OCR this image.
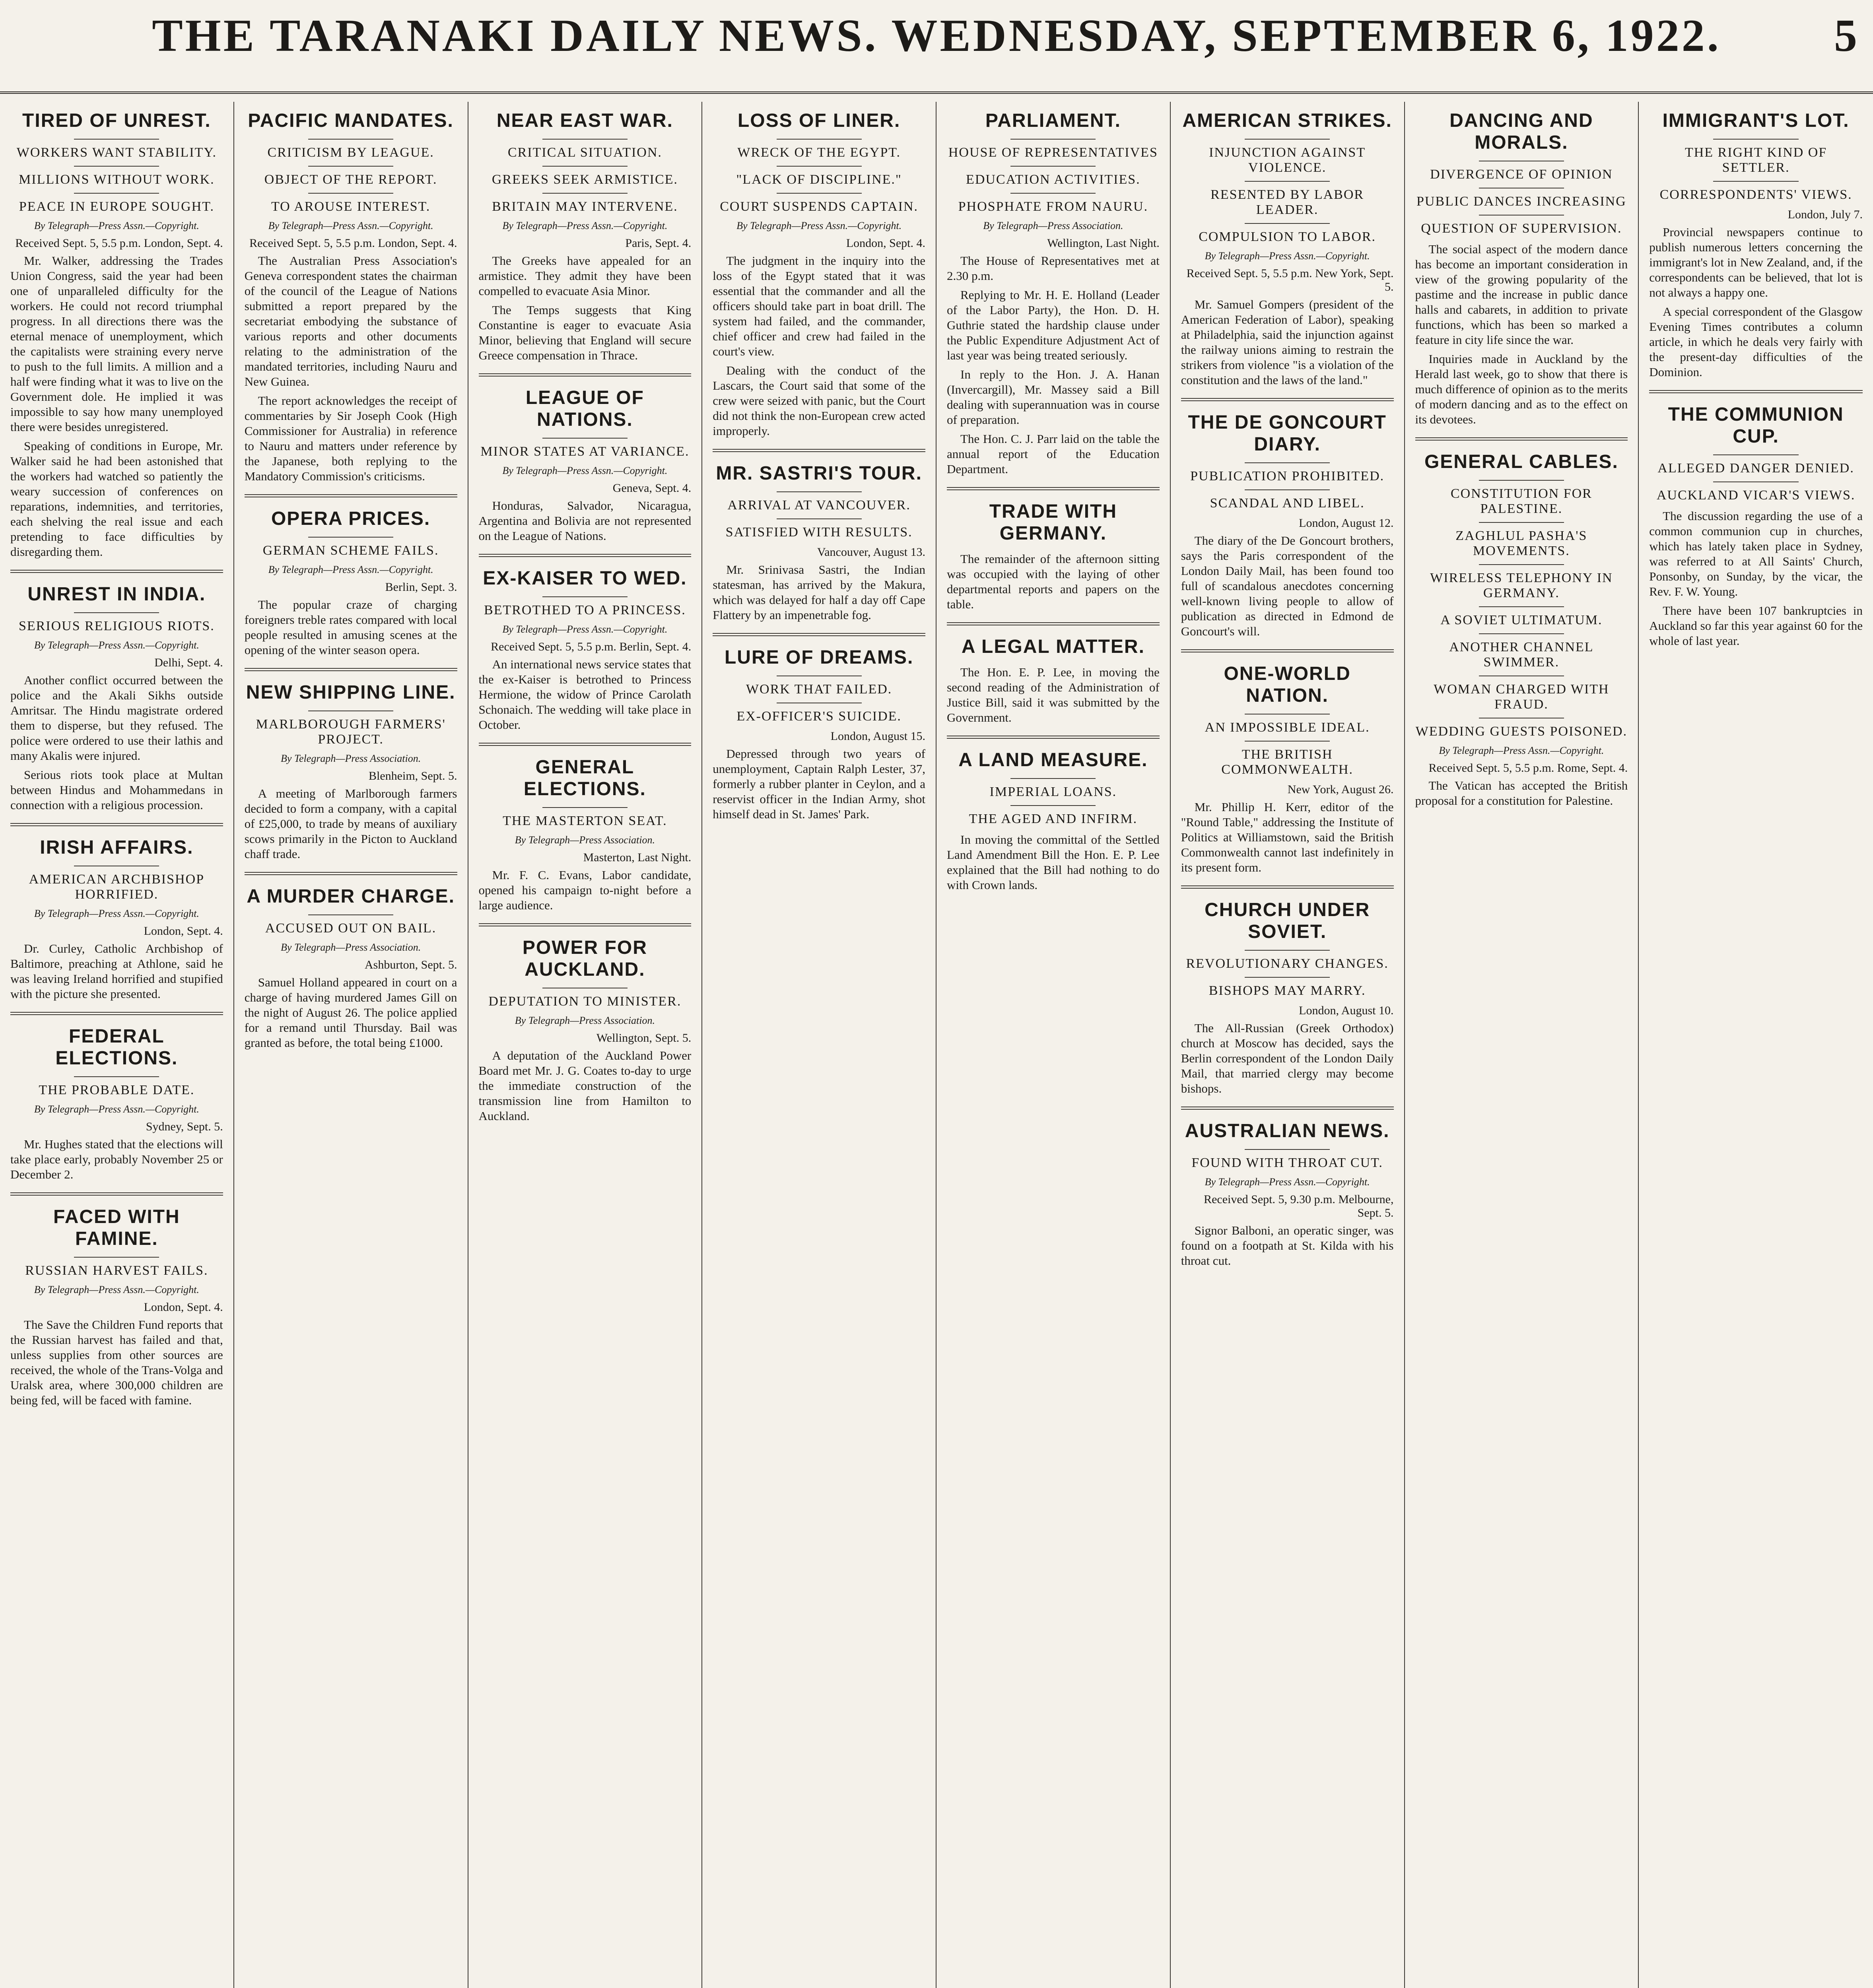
THE TARANAKI DAILY NEWS. WEDNESDAY, SEPTEMBER 6, 1922.	5
TIRED OF UNREST.
WORKERS WANT STABILITY.
MILLIONS WITHOUT WORK.
PEACE IN EUROPE SOUGHT.
By Telegraph—Press Assn.—Copyright.
Received Sept. 5, 5.5 p.m. London, Sept. 4.
Mr. Walker, addressing the Trades Union Congress, said the year had been one of unparalleled difficulty for the workers. He could not record triumphal progress. In all directions there was the eternal menace of unemployment, which the capitalists were straining every nerve to push to the full limits. A million and a half were finding what it was to live on the Government dole. He implied it was impossible to say how many unemployed there were besides unregistered.
Speaking of conditions in Europe, Mr. Walker said he had been astonished that the workers had watched so patiently the weary succession of conferences on reparations, indemnities, and territories, each shelving the real issue and each pretending to face difficulties by disregarding them.
UNREST IN INDIA.
SERIOUS RELIGIOUS RIOTS.
By Telegraph—Press Assn.—Copyright.
Delhi, Sept. 4.
Another conflict occurred between the police and the Akali Sikhs outside Amritsar. The Hindu magistrate ordered them to disperse, but they refused. The police were ordered to use their lathis and many Akalis were injured.
Serious riots took place at Multan between Hindus and Mohammedans in connection with a religious procession.
IRISH AFFAIRS.
AMERICAN ARCHBISHOP HORRIFIED.
By Telegraph—Press Assn.—Copyright.
London, Sept. 4.
Dr. Curley, Catholic Archbishop of Baltimore, preaching at Athlone, said he was leaving Ireland horrified and stupified with the picture she presented.
FEDERAL ELECTIONS.
THE PROBABLE DATE.
By Telegraph—Press Assn.—Copyright.
Sydney, Sept. 5.
Mr. Hughes stated that the elections will take place early, probably November 25 or December 2.
FACED WITH FAMINE.
RUSSIAN HARVEST FAILS.
By Telegraph—Press Assn.—Copyright.
London, Sept. 4.
The Save the Children Fund reports that the Russian harvest has failed and that, unless supplies from other sources are received, the whole of the Trans-Volga and Uralsk area, where 300,000 children are being fed, will be faced with famine.
PACIFIC MANDATES.
CRITICISM BY LEAGUE.
OBJECT OF THE REPORT.
TO AROUSE INTEREST.
By Telegraph—Press Assn.—Copyright.
Received Sept. 5, 5.5 p.m. London, Sept. 4.
The Australian Press Association's Geneva correspondent states the chairman of the council of the League of Nations submitted a report prepared by the secretariat embodying the substance of various reports and other documents relating to the administration of the mandated territories, including Nauru and New Guinea.
The report acknowledges the receipt of commentaries by Sir Joseph Cook (High Commissioner for Australia) in reference to Nauru and matters under reference by the Japanese, both replying to the Mandatory Commission's criticisms.
OPERA PRICES.
GERMAN SCHEME FAILS.
By Telegraph—Press Assn.—Copyright.
Berlin, Sept. 3.
The popular craze of charging foreigners treble rates compared with local people resulted in amusing scenes at the opening of the winter season opera.
NEW SHIPPING LINE.
MARLBOROUGH FARMERS' PROJECT.
By Telegraph—Press Association.
Blenheim, Sept. 5.
A meeting of Marlborough farmers decided to form a company, with a capital of £25,000, to trade by means of auxiliary scows primarily in the Picton to Auckland chaff trade.
A MURDER CHARGE.
ACCUSED OUT ON BAIL.
By Telegraph—Press Association.
Ashburton, Sept. 5.
Samuel Holland appeared in court on a charge of having murdered James Gill on the night of August 26. The police applied for a remand until Thursday. Bail was granted as before, the total being £1000.
NEAR EAST WAR.
CRITICAL SITUATION.
GREEKS SEEK ARMISTICE.
BRITAIN MAY INTERVENE.
By Telegraph—Press Assn.—Copyright.
Paris, Sept. 4.
The Greeks have appealed for an armistice. They admit they have been compelled to evacuate Asia Minor.
The Temps suggests that King Constantine is eager to evacuate Asia Minor, believing that England will secure Greece compensation in Thrace.
LEAGUE OF NATIONS.
MINOR STATES AT VARIANCE.
By Telegraph—Press Assn.—Copyright.
Geneva, Sept. 4.
Honduras, Salvador, Nicaragua, Argentina and Bolivia are not represented on the League of Nations.
EX-KAISER TO WED.
BETROTHED TO A PRINCESS.
By Telegraph—Press Assn.—Copyright.
Received Sept. 5, 5.5 p.m. Berlin, Sept. 4.
An international news service states that the ex-Kaiser is betrothed to Princess Hermione, the widow of Prince Carolath Schonaich. The wedding will take place in October.
GENERAL ELECTIONS.
THE MASTERTON SEAT.
By Telegraph—Press Association.
Masterton, Last Night.
Mr. F. C. Evans, Labor candidate, opened his campaign to-night before a large audience.
POWER FOR AUCKLAND.
DEPUTATION TO MINISTER.
By Telegraph—Press Association.
Wellington, Sept. 5.
A deputation of the Auckland Power Board met Mr. J. G. Coates to-day to urge the immediate construction of the transmission line from Hamilton to Auckland.
LOSS OF LINER.
WRECK OF THE EGYPT.
"LACK OF DISCIPLINE."
COURT SUSPENDS CAPTAIN.
By Telegraph—Press Assn.—Copyright.
London, Sept. 4.
The judgment in the inquiry into the loss of the Egypt stated that it was essential that the commander and all the officers should take part in boat drill. The system had failed, and the commander, chief officer and crew had failed in the court's view.
Dealing with the conduct of the Lascars, the Court said that some of the crew were seized with panic, but the Court did not think the non-European crew acted improperly.
MR. SASTRI'S TOUR.
ARRIVAL AT VANCOUVER.
SATISFIED WITH RESULTS.
Vancouver, August 13.
Mr. Srinivasa Sastri, the Indian statesman, has arrived by the Makura, which was delayed for half a day off Cape Flattery by an impenetrable fog.
LURE OF DREAMS.
WORK THAT FAILED.
EX-OFFICER'S SUICIDE.
London, August 15.
Depressed through two years of unemployment, Captain Ralph Lester, 37, formerly a rubber planter in Ceylon, and a reservist officer in the Indian Army, shot himself dead in St. James' Park.
PARLIAMENT.
HOUSE OF REPRESENTATIVES
EDUCATION ACTIVITIES.
PHOSPHATE FROM NAURU.
By Telegraph—Press Association.
Wellington, Last Night.
The House of Representatives met at 2.30 p.m.
Replying to Mr. H. E. Holland (Leader of the Labor Party), the Hon. D. H. Guthrie stated the hardship clause under the Public Expenditure Adjustment Act of last year was being treated seriously.
In reply to the Hon. J. A. Hanan (Invercargill), Mr. Massey said a Bill dealing with superannuation was in course of preparation.
The Hon. C. J. Parr laid on the table the annual report of the Education Department.
TRADE WITH GERMANY.
The remainder of the afternoon sitting was occupied with the laying of other departmental reports and papers on the table.
A LEGAL MATTER.
The Hon. E. P. Lee, in moving the second reading of the Administration of Justice Bill, said it was submitted by the Government.
A LAND MEASURE.
IMPERIAL LOANS.
THE AGED AND INFIRM.
In moving the committal of the Settled Land Amendment Bill the Hon. E. P. Lee explained that the Bill had nothing to do with Crown lands.
AMERICAN STRIKES.
INJUNCTION AGAINST VIOLENCE.
RESENTED BY LABOR LEADER.
COMPULSION TO LABOR.
By Telegraph—Press Assn.—Copyright.
Received Sept. 5, 5.5 p.m. New York, Sept. 5.
Mr. Samuel Gompers (president of the American Federation of Labor), speaking at Philadelphia, said the injunction against the railway unions aiming to restrain the strikers from violence "is a violation of the constitution and the laws of the land."
THE DE GONCOURT DIARY.
PUBLICATION PROHIBITED.
SCANDAL AND LIBEL.
London, August 12.
The diary of the De Goncourt brothers, says the Paris correspondent of the London Daily Mail, has been found too full of scandalous anecdotes concerning well-known living people to allow of publication as directed in Edmond de Goncourt's will.
ONE-WORLD NATION.
AN IMPOSSIBLE IDEAL.
THE BRITISH COMMONWEALTH.
New York, August 26.
Mr. Phillip H. Kerr, editor of the "Round Table," addressing the Institute of Politics at Williamstown, said the British Commonwealth cannot last indefinitely in its present form.
CHURCH UNDER SOVIET.
REVOLUTIONARY CHANGES.
BISHOPS MAY MARRY.
London, August 10.
The All-Russian (Greek Orthodox) church at Moscow has decided, says the Berlin correspondent of the London Daily Mail, that married clergy may become bishops.
AUSTRALIAN NEWS.
FOUND WITH THROAT CUT.
By Telegraph—Press Assn.—Copyright.
Received Sept. 5, 9.30 p.m. Melbourne, Sept. 5.
Signor Balboni, an operatic singer, was found on a footpath at St. Kilda with his throat cut.
DANCING AND MORALS.
DIVERGENCE OF OPINION
PUBLIC DANCES INCREASING
QUESTION OF SUPERVISION.
The social aspect of the modern dance has become an important consideration in view of the growing popularity of the pastime and the increase in public dance halls and cabarets, in addition to private functions, which has been so marked a feature in city life since the war.
Inquiries made in Auckland by the Herald last week, go to show that there is much difference of opinion as to the merits of modern dancing and as to the effect on its devotees.
GENERAL CABLES.
CONSTITUTION FOR PALESTINE.
ZAGHLUL PASHA'S MOVEMENTS.
WIRELESS TELEPHONY IN GERMANY.
A SOVIET ULTIMATUM.
ANOTHER CHANNEL SWIMMER.
WOMAN CHARGED WITH FRAUD.
WEDDING GUESTS POISONED.
By Telegraph—Press Assn.—Copyright.
Received Sept. 5, 5.5 p.m. Rome, Sept. 4.
The Vatican has accepted the British proposal for a constitution for Palestine.
IMMIGRANT'S LOT.
THE RIGHT KIND OF SETTLER.
CORRESPONDENTS' VIEWS.
London, July 7.
Provincial newspapers continue to publish numerous letters concerning the immigrant's lot in New Zealand, and, if the correspondents can be believed, that lot is not always a happy one.
A special correspondent of the Glasgow Evening Times contributes a column article, in which he deals very fairly with the present-day difficulties of the Dominion.
THE COMMUNION CUP.
ALLEGED DANGER DENIED.
AUCKLAND VICAR'S VIEWS.
The discussion regarding the use of a common communion cup in churches, which has lately taken place in Sydney, was referred to at All Saints' Church, Ponsonby, on Sunday, by the vicar, the Rev. F. W. Young.
There have been 107 bankruptcies in Auckland so far this year against 60 for the whole of last year.
